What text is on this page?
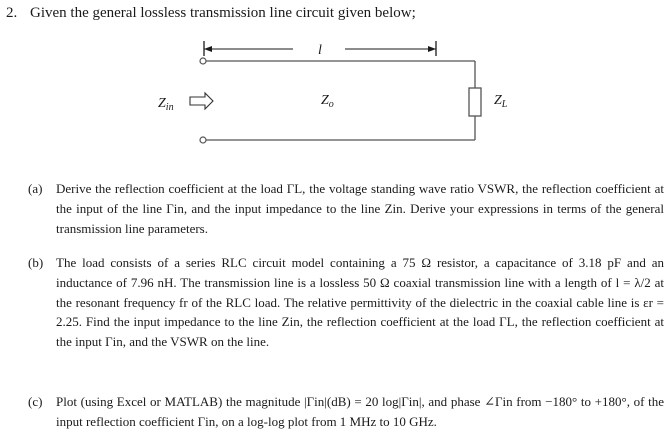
2. Given the general lossless transmission line circuit given below;
l
$Z_{in}$	$Z_o$	$Z_L$
(a) Derive the reflection coefficient at the load ΓL, the voltage standing wave ratio VSWR, the reflection coefficient at the input of the line Γin, and the input impedance to the line Zin. Derive your expressions in terms of the general transmission line parameters.
(b) The load consists of a series RLC circuit model containing a 75 Ω resistor, a capacitance of 3.18 pF and an inductance of 7.96 nH. The transmission line is a lossless 50 Ω coaxial transmission line with a length of l = λ/2 at the resonant frequency fr of the RLC load. The relative permittivity of the dielectric in the coaxial cable line is εr = 2.25. Find the input impedance to the line Zin, the reflection coefficient at the load ΓL, the reflection coefficient at the input Γin, and the VSWR on the line.
(c) Plot (using Excel or MATLAB) the magnitude |Γin|(dB) = 20 log|Γin|, and phase ∠Γin from −180° to +180°, of the input reflection coefficient Γin, on a log-log plot from 1 MHz to 10 GHz.
